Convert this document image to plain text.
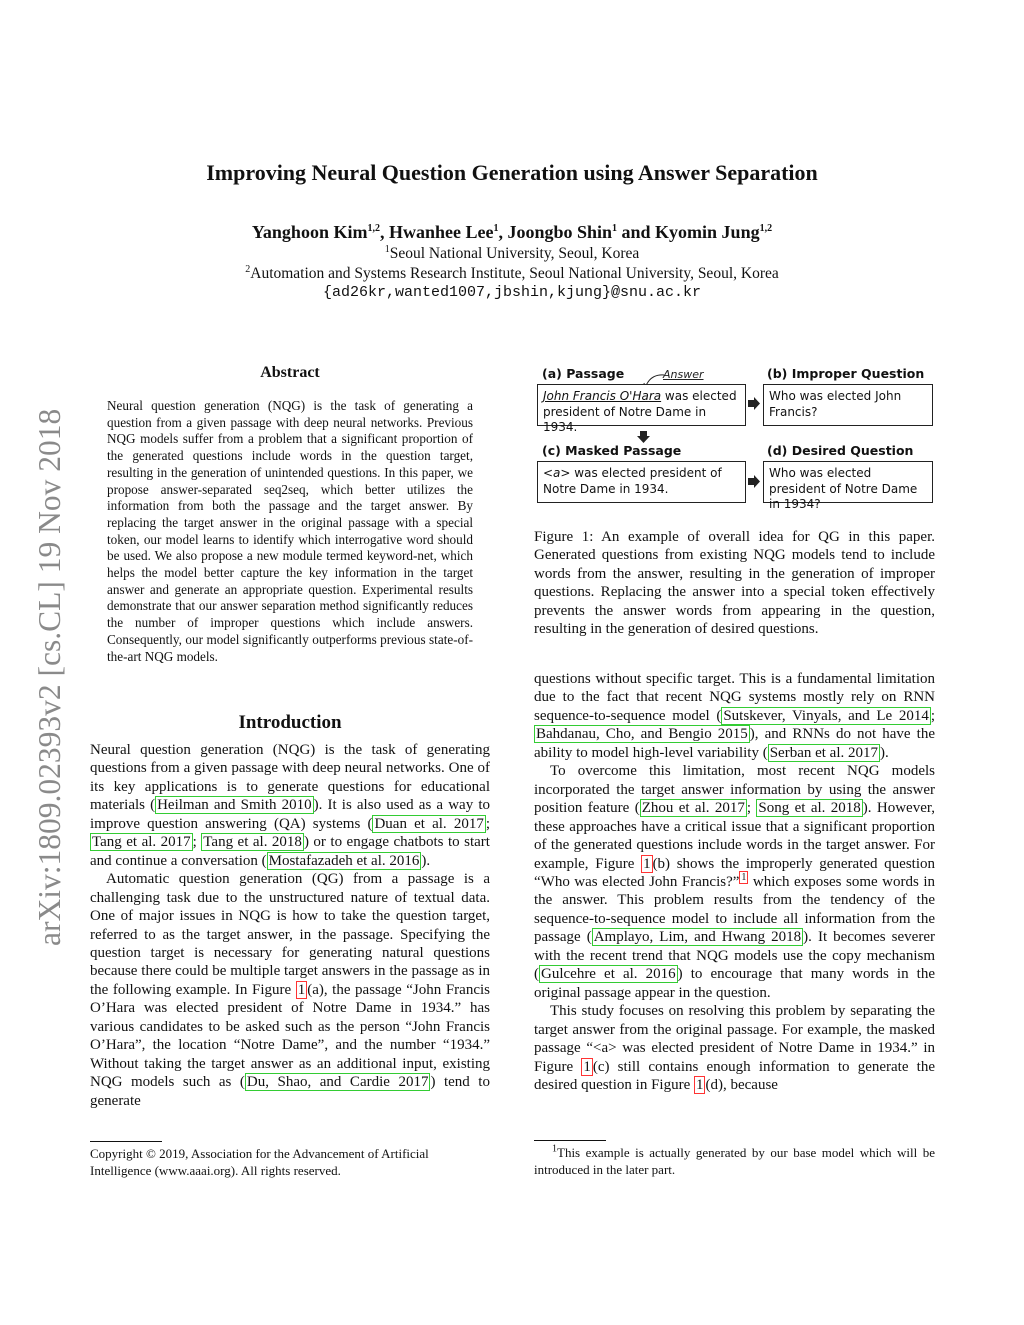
Improving Neural Question Generation using Answer Separation
Yanghoon Kim$^{1,2}$, Hwanhee Lee$^1$, Joongbo Shin$^1$ and Kyomin Jung$^{1,2}$
$^1$Seoul National University, Seoul, Korea
$^2$Automation and Systems Research Institute, Seoul National University, Seoul, Korea
{ad26kr,wanted1007,jbshin,kjung}@snu.ac.kr
arXiv:1809.02393v2 [cs.CL] 19 Nov 2018
Abstract
Neural question generation (NQG) is the task of generating a question from a given passage with deep neural networks. Previous NQG models suffer from a problem that a significant proportion of the generated questions include words in the question target, resulting in the generation of unintended questions. In this paper, we propose answer-separated seq2seq, which better utilizes the information from both the passage and the target answer. By replacing the target answer in the original passage with a special token, our model learns to identify which interrogative word should be used. We also propose a new module termed keyword-net, which helps the model better capture the key information in the target answer and generate an appropriate question. Experimental results demonstrate that our answer separation method significantly reduces the number of improper questions which include answers. Consequently, our model significantly outperforms previous state-of-the-art NQG models.
Introduction

Neural question generation (NQG) is the task of generating questions from a given passage with deep neural networks. One of its key applications is to generate questions for educational materials ( Heilman and Smith 2010 ). It is also used as a way to improve question answering (QA) systems ( Duan et al. 2017 ; Tang et al. 2017 ; Tang et al. 2018 ) or to engage chatbots to start and continue a conversation ( Mostafazadeh et al. 2016 ).

Automatic question generation (QG) from a passage is a challenging task due to the unstructured nature of textual data. One of major issues in NQG is how to take the question target, referred to as the target answer, in the passage. Specifying the question target is necessary for generating natural questions because there could be multiple target answers in the passage as in the following example. In Figure 1 (a), the passage “John Francis O’Hara was elected president of Notre Dame in 1934.” has various candidates to be asked such as the person “John Francis O’Hara”, the location “Notre Dame”, and the number “1934.” Without taking the target answer as an additional input, existing NQG models such as ( Du, Shao, and Cardie 2017 ) tend to generate

Copyright © 2019, Association for the Advancement of Artificial Intelligence (www.aaai.org). All rights reserved.
(a) Passage	Answer
John Francis O'Hara was elected president of Notre Dame in 1934.
(b) Improper Question
Who was elected John Francis?
(c) Masked Passage
<a> was elected president of Notre Dame in 1934.
(d) Desired Question
Who was elected president of Notre Dame in 1934?
Figure 1: An example of overall idea for QG in this paper. Generated questions from existing NQG models tend to include words from the answer, resulting in the generation of improper questions. Replacing the answer into a special token effectively prevents the answer words from appearing in the question, resulting in the generation of desired questions.

questions without specific target. This is a fundamental limitation due to the fact that recent NQG systems mostly rely on RNN sequence-to-sequence model ( Sutskever, Vinyals, and Le 2014 ; Bahdanau, Cho, and Bengio 2015 ), and RNNs do not have the ability to model high-level variability ( Serban et al. 2017 ).

To overcome this limitation, most recent NQG models incorporated the target answer information by using the answer position feature ( Zhou et al. 2017 ; Song et al. 2018 ). However, these approaches have a critical issue that a significant proportion of the generated questions include words in the target answer. For example, Figure 1 (b) shows the improperly generated question “Who was elected John Francis?” $^1$ which exposes some words in the answer. This problem results from the tendency of the sequence-to-sequence model to include all information from the passage ( Amplayo, Lim, and Hwang 2018 ). It becomes severer with the recent trend that NQG models use the copy mechanism ( Gulcehre et al. 2016 ) to encourage that many words in the original passage appear in the question.

This study focuses on resolving this problem by separating the target answer from the original passage. For example, the masked passage “<a> was elected president of Notre Dame in 1934.” in Figure 1 (c) still contains enough information to generate the desired question in Figure 1 (d), because

$^1$This example is actually generated by our base model which will be introduced in the later part.
